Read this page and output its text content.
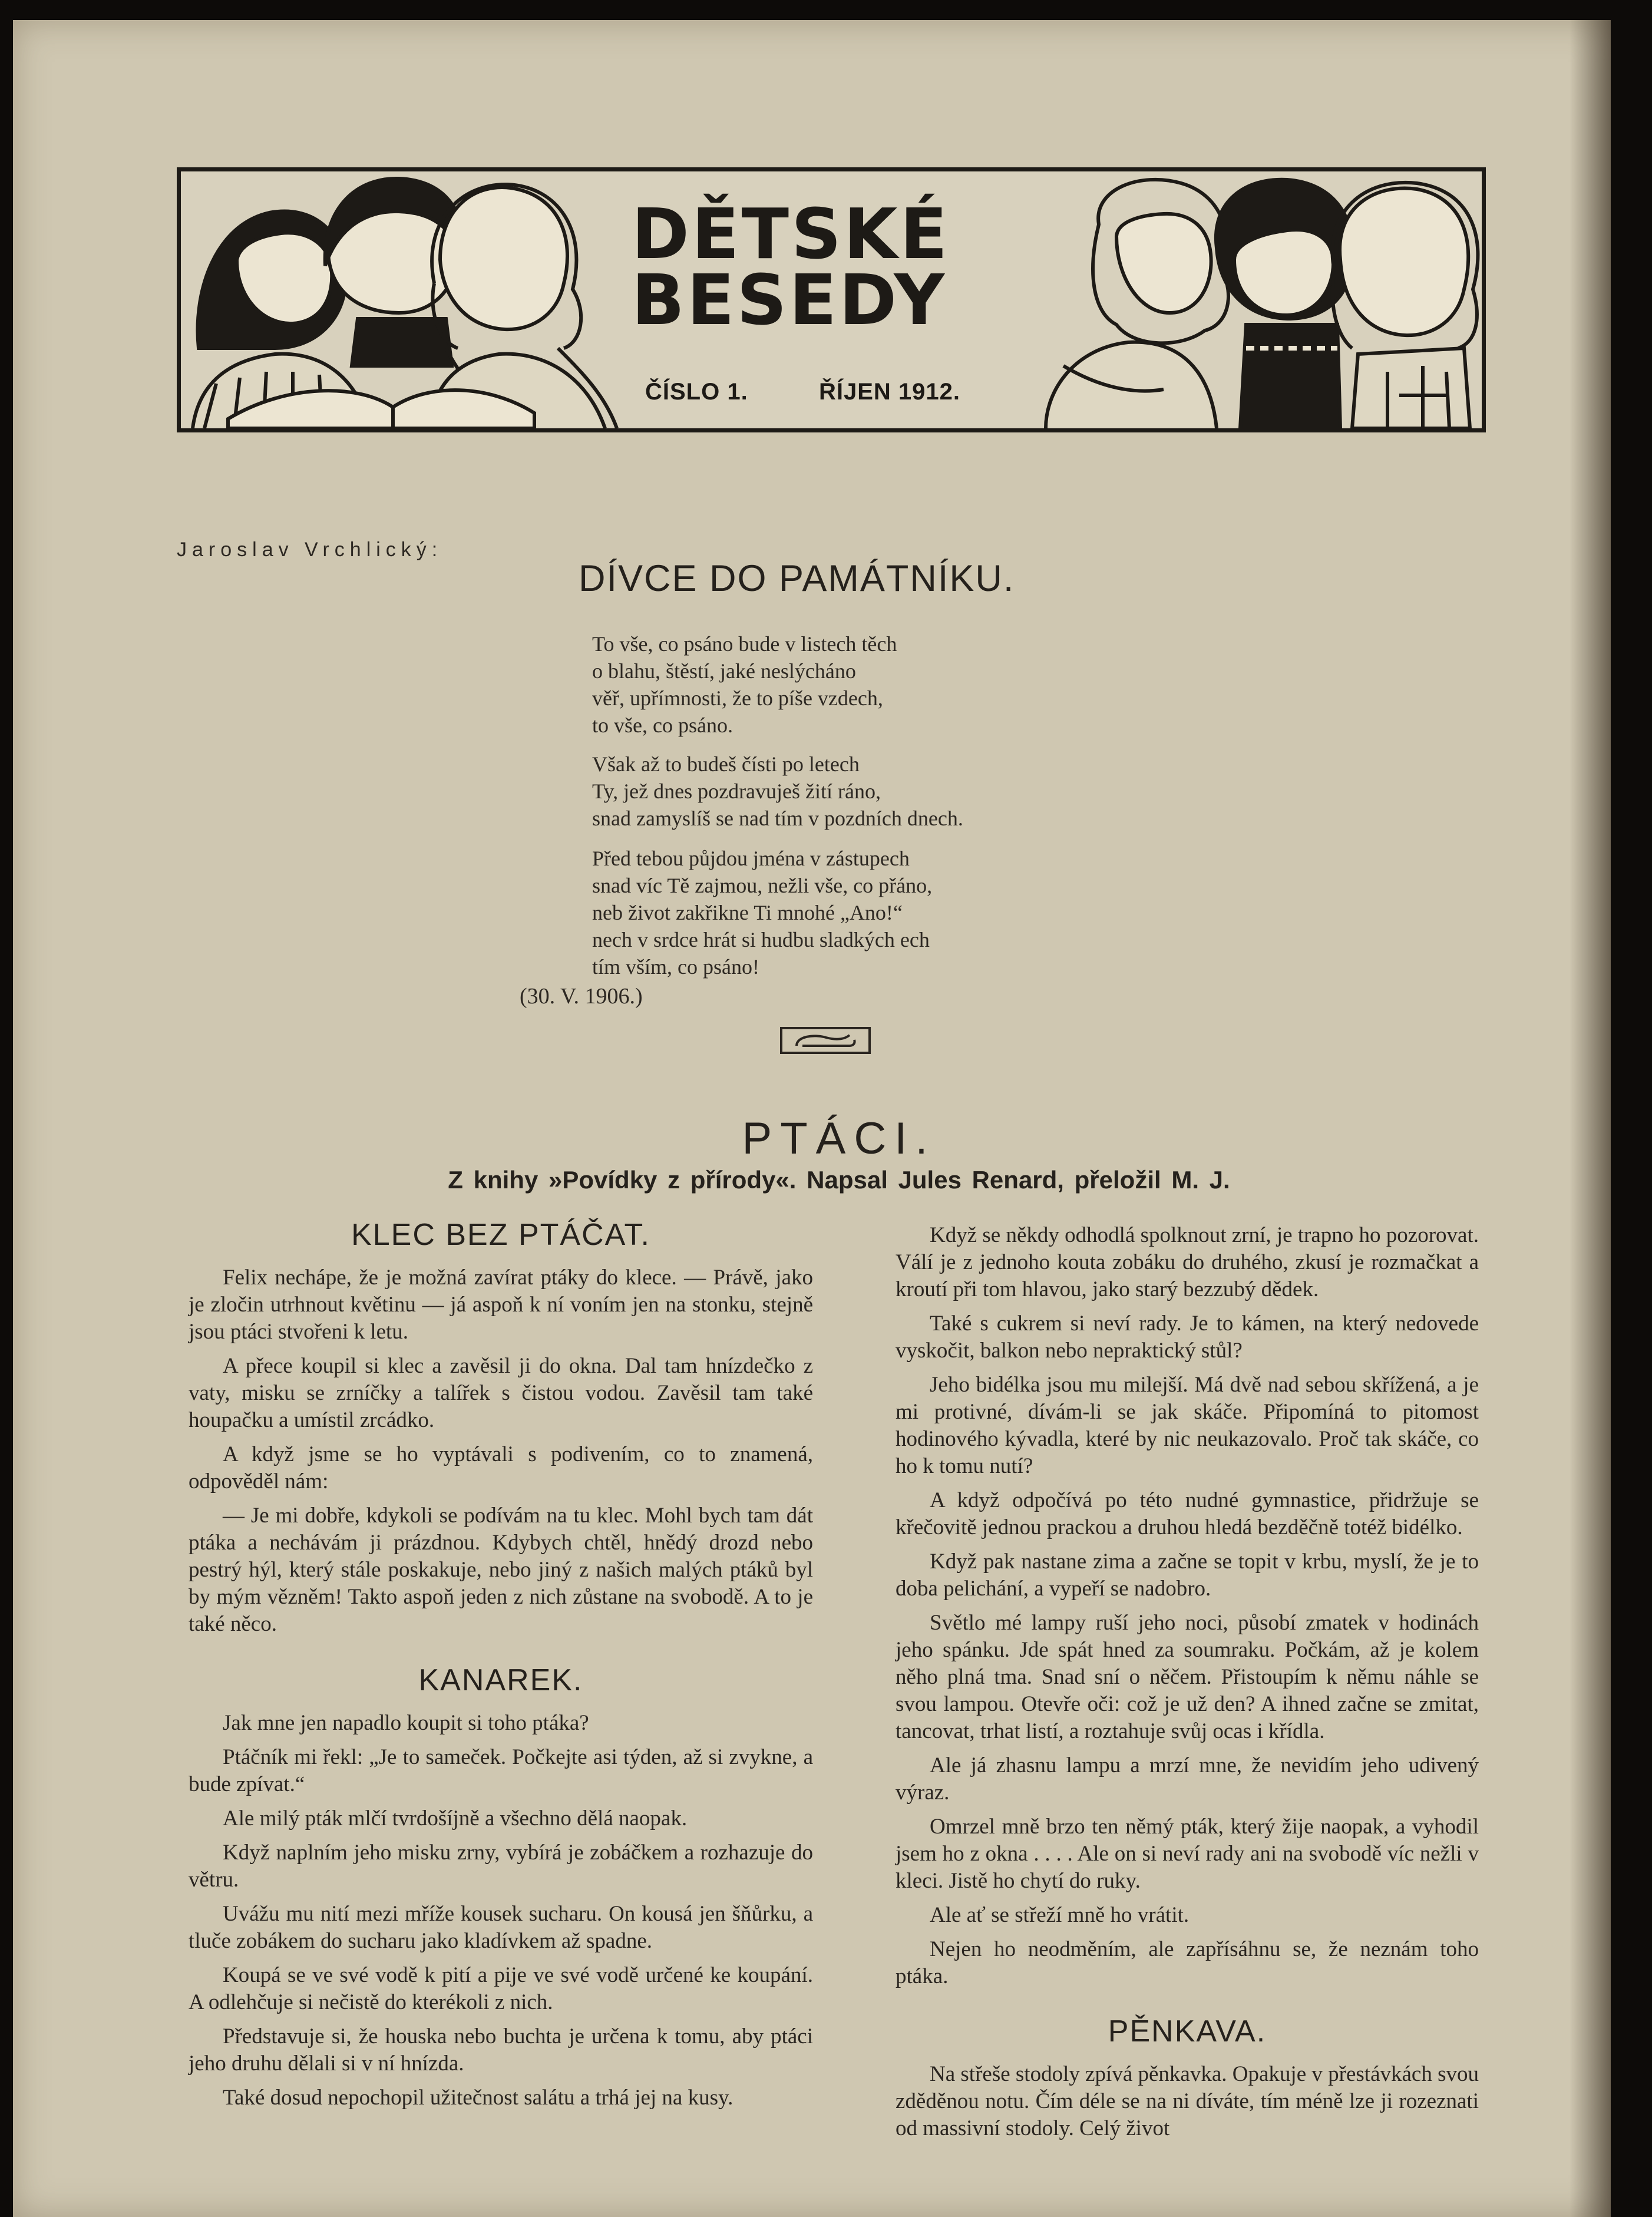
DĚTSKÉ
BESEDY
ČÍSLO 1.	ŘÍJEN 1912.
Jaroslav Vrchlický:
DÍVCE DO PAMÁTNÍKU.
To vše, co psáno bude v listech těch
o blahu, štěstí, jaké neslýcháno
věř, upřímnosti, že to píše vzdech,
to vše, co psáno.
Však až to budeš čísti po letech
Ty, jež dnes pozdravuješ žití ráno,
snad zamyslíš se nad tím v pozdních dnech.
Před tebou půjdou jména v zástupech
snad víc Tě zajmou, nežli vše, co přáno,
neb život zakřikne Ti mnohé „Ano!“
nech v srdce hrát si hudbu sladkých ech
tím vším, co psáno!
(30. V. 1906.)
PTÁCI.
Z knihy »Povídky z přírody«. Napsal Jules Renard, přeložil M. J.
KLEC BEZ PTÁČAT.

Felix nechápe, že je možná zavírat ptáky do klece. — Právě, jako je zločin utrhnout květinu — já aspoň k ní voním jen na stonku, stejně jsou ptáci stvořeni k letu.

A přece koupil si klec a zavěsil ji do okna. Dal tam hnízdečko z vaty, misku se zrníčky a talířek s čistou vodou. Zavěsil tam také houpačku a umístil zrcádko.

A když jsme se ho vyptávali s podivením, co to znamená, odpověděl nám:

— Je mi dobře, kdykoli se podívám na tu klec. Mohl bych tam dát ptáka a nechávám ji prázdnou. Kdybych chtěl, hnědý drozd nebo pestrý hýl, který stále poskakuje, nebo jiný z našich malých ptáků byl by mým vězněm! Takto aspoň jeden z nich zůstane na svobodě. A to je také něco.

KANAREK.

Jak mne jen napadlo koupit si toho ptáka?

Ptáčník mi řekl: „Je to sameček. Počkejte asi týden, až si zvykne, a bude zpívat.“

Ale milý pták mlčí tvrdošíjně a všechno dělá naopak.

Když naplním jeho misku zrny, vybírá je zobáčkem a rozhazuje do větru.

Uvážu mu nití mezi mříže kousek sucharu. On kousá jen šňůrku, a tluče zobákem do sucharu jako kladívkem až spadne.

Koupá se ve své vodě k pití a pije ve své vodě určené ke koupání. A odlehčuje si nečistě do kterékoli z nich.

Představuje si, že houska nebo buchta je určena k tomu, aby ptáci jeho druhu dělali si v ní hnízda.

Také dosud nepochopil užitečnost salátu a trhá jej na kusy.

Když se někdy odhodlá spolknout zrní, je trapno ho pozorovat. Válí je z jednoho kouta zobáku do druhého, zkusí je rozmačkat a kroutí při tom hlavou, jako starý bezzubý dědek.

Také s cukrem si neví rady. Je to kámen, na který nedovede vyskočit, balkon nebo nepraktický stůl?

Jeho bidélka jsou mu milejší. Má dvě nad sebou skřížená, a je mi protivné, dívám-li se jak skáče. Připomíná to pitomost hodinového kývadla, které by nic neukazovalo. Proč tak skáče, co ho k tomu nutí?

A když odpočívá po této nudné gymnastice, přidržuje se křečovitě jednou prackou a druhou hledá bezděčně totéž bidélko.

Když pak nastane zima a začne se topit v krbu, myslí, že je to doba pelichání, a vypeří se nadobro.

Světlo mé lampy ruší jeho noci, působí zmatek v hodinách jeho spánku. Jde spát hned za soumraku. Počkám, až je kolem něho plná tma. Snad sní o něčem. Přistoupím k němu náhle se svou lampou. Otevře oči: což je už den? A ihned začne se zmitat, tancovat, trhat listí, a roztahuje svůj ocas i křídla.

Ale já zhasnu lampu a mrzí mne, že nevidím jeho udivený výraz.

Omrzel mně brzo ten němý pták, který žije naopak, a vyhodil jsem ho z okna . . . . Ale on si neví rady ani na svobodě víc nežli v kleci. Jistě ho chytí do ruky.

Ale ať se střeží mně ho vrátit.

Nejen ho neodměním, ale zapřísáhnu se, že neznám toho ptáka.

PĚNKAVA.

Na střeše stodoly zpívá pěnkavka. Opakuje v přestávkách svou zděděnou notu. Čím déle se na ni díváte, tím méně lze ji rozeznati od massivní stodoly. Celý život
